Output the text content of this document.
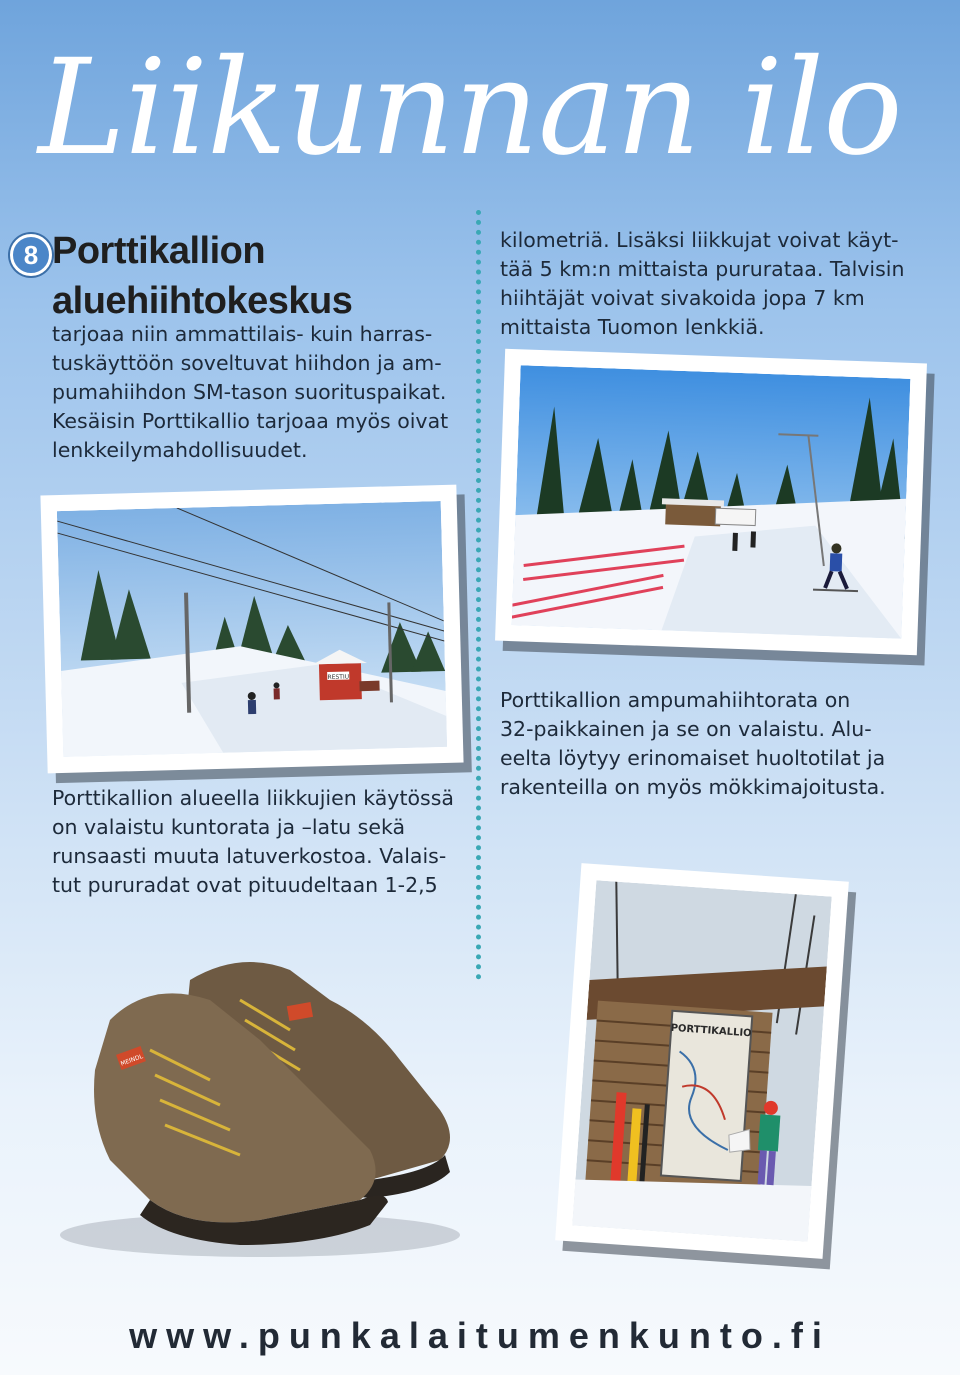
Liikunnan ilo
8 Porttikallion
aluehiihtokeskus
tarjoaa niin ammattilais- kuin harras-
tuskäyttöön soveltuvat hiihdon ja am-
pumahiihdon SM-tason suorituspaikat.
Kesäisin Porttikallio tarjoaa myös oivat
lenkkeilymahdollisuudet.
kilometriä. Lisäksi liikkujat voivat käyt-
tää 5 km:n mittaista pururataa. Talvisin
hiihtäjät voivat sivakoida jopa 7 km
mittaista Tuomon lenkkiä.
RESTIU
Porttikallion alueella liikkujien käytössä
on valaistu kuntorata ja –latu sekä
runsaasti muuta latuverkostoa. Valais-
tut pururadat ovat pituudeltaan 1-2,5
Porttikallion ampumahiihtorata on
32-paikkainen ja se on valaistu. Alu-
eelta löytyy erinomaiset huoltotilat ja
rakenteilla on myös mökkimajoitusta.
PORTTIKALLIO
MEINDL
www.punkalaitumenkunto.fi
